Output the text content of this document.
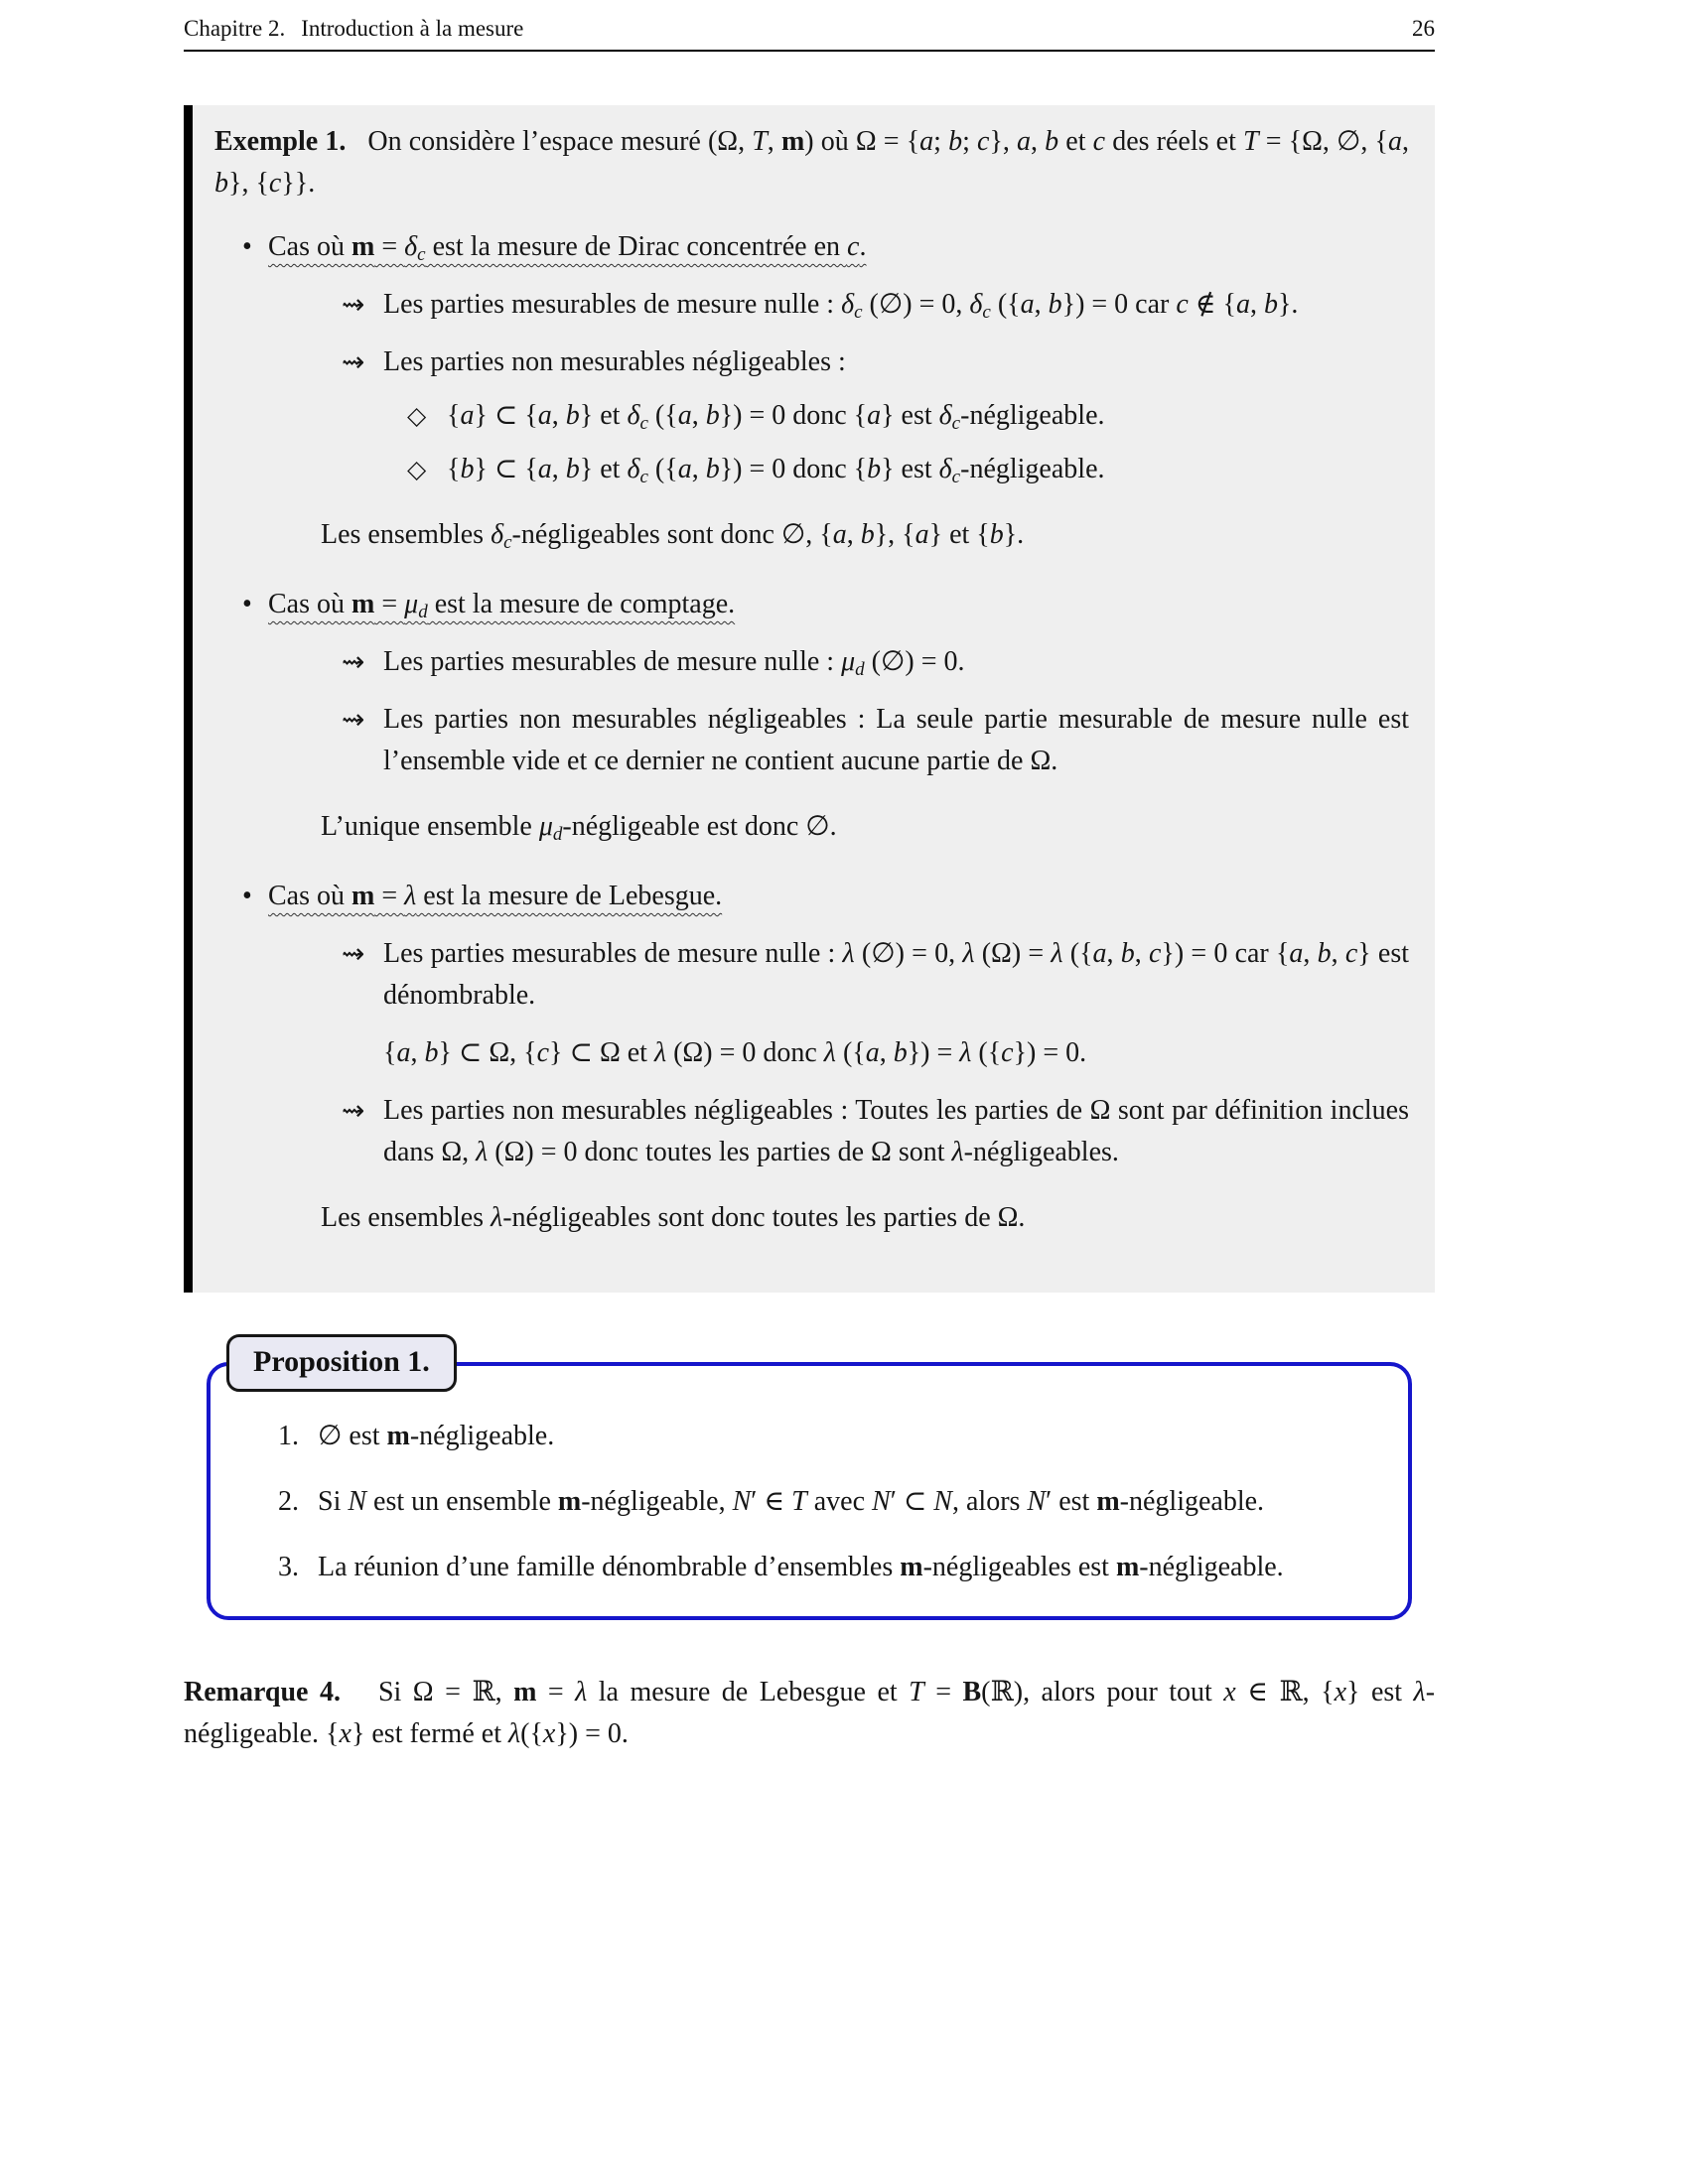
Chapitre 2. Introduction à la mesure	26

Exemple 1. On considère l’espace mesuré (Ω, T, m) où Ω = {a; b; c}, a, b et c des réels et T = {Ω, ∅, {a, b}, {c}}.

• Cas où $m = \delta_c$ est la mesure de Dirac concentrée en c.
⇝ Les parties mesurables de mesure nulle : $\delta_c$ (∅) = 0, $\delta_c$ ({a, b}) = 0 car c ∉ {a, b}.
⇝ Les parties non mesurables négligeables :
◇ {a} ⊂ {a, b} et $\delta_c$ ({a, b}) = 0 donc {a} est $\delta_c$-négligeable.
◇ {b} ⊂ {a, b} et $\delta_c$ ({a, b}) = 0 donc {b} est $\delta_c$-négligeable.

Les ensembles $\delta_c$-négligeables sont donc ∅, {a, b}, {a} et {b}.

• Cas où $m = \mu_d$ est la mesure de comptage.
⇝ Les parties mesurables de mesure nulle : $\mu_d$ (∅) = 0.
⇝ Les parties non mesurables négligeables : La seule partie mesurable de mesure nulle est l’ensemble vide et ce dernier ne contient aucune partie de Ω.

L’unique ensemble $\mu_d$-négligeable est donc ∅.

• Cas où m = λ est la mesure de Lebesgue.
⇝ Les parties mesurables de mesure nulle : λ (∅) = 0, λ (Ω) = λ ({a, b, c}) = 0 car {a, b, c} est dénombrable.
{a, b} ⊂ Ω, {c} ⊂ Ω et λ (Ω) = 0 donc λ ({a, b}) = λ ({c}) = 0.
⇝ Les parties non mesurables négligeables : Toutes les parties de Ω sont par définition inclues dans Ω, λ (Ω) = 0 donc toutes les parties de Ω sont λ-négligeables.

Les ensembles λ-négligeables sont donc toutes les parties de Ω.

Proposition 1.
1. ∅ est m-négligeable.
2. Si N est un ensemble m-négligeable, N′ ∈ T avec N′ ⊂ N, alors N′ est m-négligeable.
3. La réunion d’une famille dénombrable d’ensembles m-négligeables est m-négligeable.

Remarque 4. Si Ω = ℝ, m = λ la mesure de Lebesgue et T = B(ℝ), alors pour tout x ∈ ℝ, {x} est λ-négligeable. {x} est fermé et λ({x}) = 0.
